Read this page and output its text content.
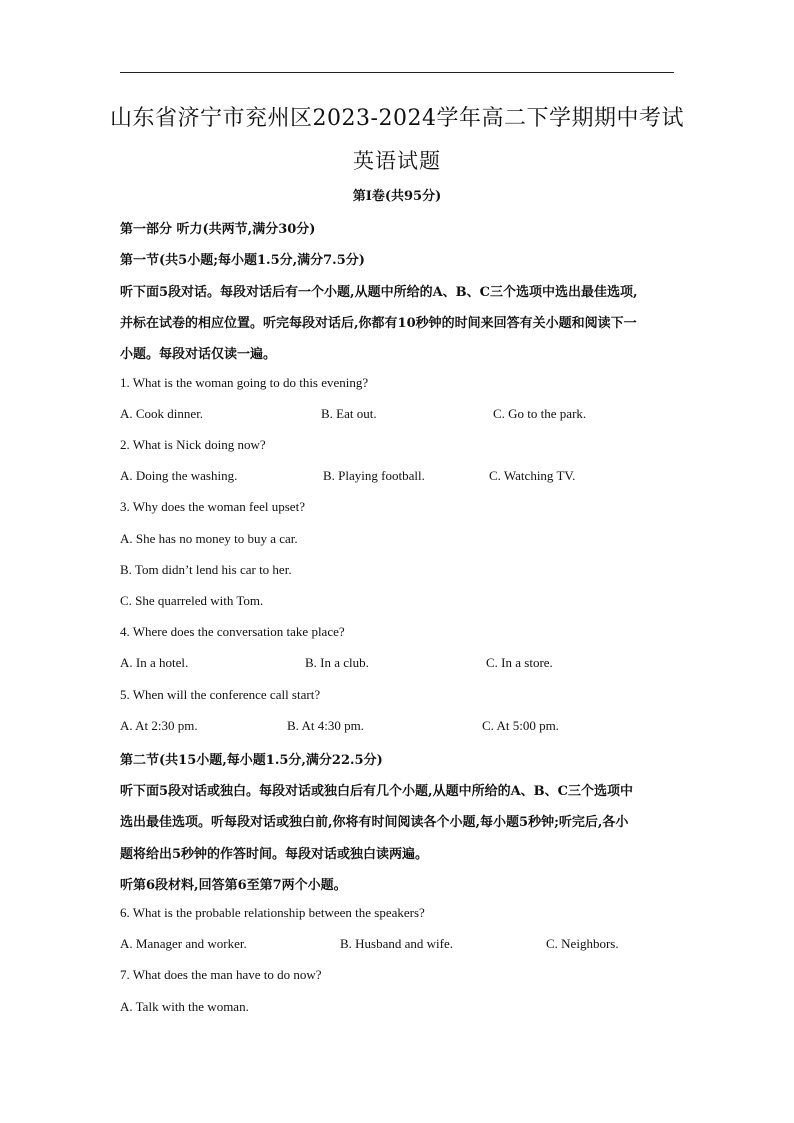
山东省济宁市兖州区2023-2024学年高二下学期期中考试
英语试题
第Ⅰ卷(共95分)
第一部分 听力(共两节,满分30分)
第一节(共5小题;每小题1.5分,满分7.5分)
听下面5段对话。每段对话后有一个小题,从题中所给的A、B、C三个选项中选出最佳选项,
并标在试卷的相应位置。听完每段对话后,你都有10秒钟的时间来回答有关小题和阅读下一
小题。每段对话仅读一遍。
1. What is the woman going to do this evening?
A. Cook dinner.	B. Eat out.	C. Go to the park.
2. What is Nick doing now?
A. Doing the washing.	B. Playing football.	C. Watching TV.
3. Why does the woman feel upset?
A. She has no money to buy a car.
B. Tom didn’t lend his car to her.
C. She quarreled with Tom.
4. Where does the conversation take place?
A. In a hotel.	B. In a club.	C. In a store.
5. When will the conference call start?
A. At 2:30 pm.	B. At 4:30 pm.	C. At 5:00 pm.
第二节(共15小题,每小题1.5分,满分22.5分)
听下面5段对话或独白。每段对话或独白后有几个小题,从题中所给的A、B、C三个选项中
选出最佳选项。听每段对话或独白前,你将有时间阅读各个小题,每小题5秒钟;听完后,各小
题将给出5秒钟的作答时间。每段对话或独白读两遍。
听第6段材料,回答第6至第7两个小题。
6. What is the probable relationship between the speakers?
A. Manager and worker.	B. Husband and wife.	C. Neighbors.
7. What does the man have to do now?
A. Talk with the woman.
